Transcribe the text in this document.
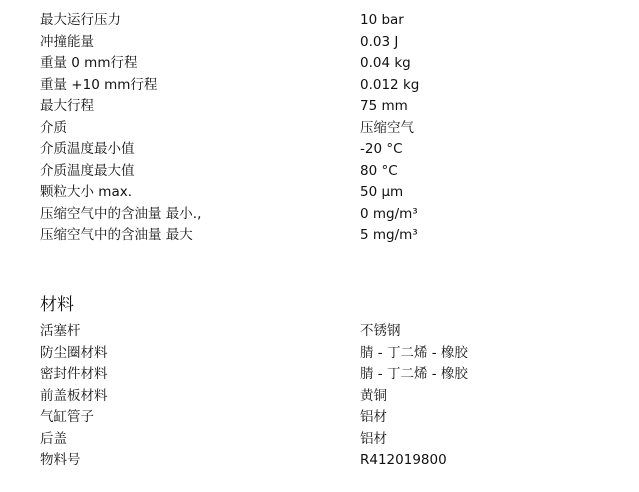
最大运行压力	10 bar
冲撞能量	0.03 J
重量 0 mm行程	0.04 kg
重量 +10 mm行程	0.012 kg
最大行程	75 mm
介质	压缩空气
介质温度最小值	-20 °C
介质温度最大值	80 °C
颗粒大小 max.	50 µm
压缩空气中的含油量 最小.,	0 mg/m³
压缩空气中的含油量 最大	5 mg/m³
材料
活塞杆	不锈钢
防尘圈材料	腈 - 丁二烯 - 橡胶
密封件材料	腈 - 丁二烯 - 橡胶
前盖板材料	黄铜
气缸管子	铝材
后盖	铝材
物料号	R412019800
